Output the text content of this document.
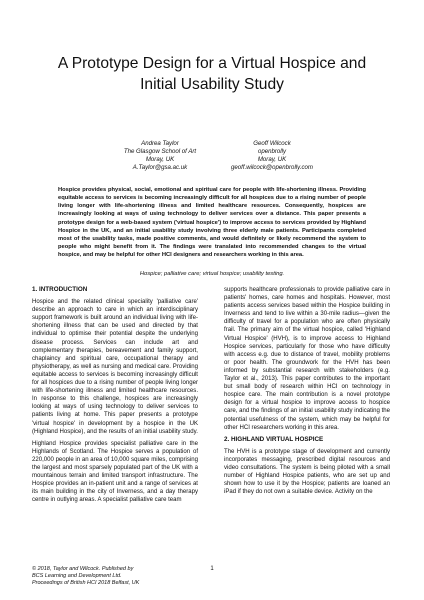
A Prototype Design for a Virtual Hospice and Initial Usability Study
Andrea Taylor
The Glasgow School of Art
Moray, UK
A.Taylor@gsa.ac.uk
Geoff Wilcock
openbrolly
Moray, UK
geoff.wilcock@openbrolly.com

Hospice provides physical, social, emotional and spiritual care for people with life-shortening illness. Providing equitable access to services is becoming increasingly difficult for all hospices due to a rising number of people living longer with life-shortening illness and limited healthcare resources. Consequently, hospices are increasingly looking at ways of using technology to deliver services over a distance. This paper presents a prototype design for a web-based system ('virtual hospice') to improve access to services provided by Highland Hospice in the UK, and an initial usability study involving three elderly male patients. Participants completed most of the usability tasks, made positive comments, and would definitely or likely recommend the system to people who might benefit from it. The findings were translated into recommended changes to the virtual hospice, and may be helpful for other HCI designers and researchers working in this area.

Hospice; palliative care; virtual hospice; usability testing.

1. INTRODUCTION

Hospice and the related clinical speciality 'palliative care' describe an approach to care in which an interdisciplinary support framework is built around an individual living with life-shortening illness that can be used and directed by that individual to optimise their potential despite the underlying disease process. Services can include art and complementary therapies, bereavement and family support, chaplaincy and spiritual care, occupational therapy and physiotherapy, as well as nursing and medical care. Providing equitable access to services is becoming increasingly difficult for all hospices due to a rising number of people living longer with life-shortening illness and limited healthcare resources. In response to this challenge, hospices are increasingly looking at ways of using technology to deliver services to patients living at home. This paper presents a prototype 'virtual hospice' in development by a hospice in the UK (Highland Hospice), and the results of an initial usability study.

Highland Hospice provides specialist palliative care in the Highlands of Scotland. The Hospice serves a population of 220,000 people in an area of 10,000 square miles, comprising the largest and most sparsely populated part of the UK with a mountainous terrain and limited transport infrastructure. The Hospice provides an in-patient unit and a range of services at its main building in the city of Inverness, and a day therapy centre in outlying areas. A specialist palliative care team

supports healthcare professionals to provide palliative care in patients' homes, care homes and hospitals. However, most patients access services based within the Hospice building in Inverness and tend to live within a 30-mile radius—given the difficulty of travel for a population who are often physically frail. The primary aim of the virtual hospice, called 'Highland Virtual Hospice' (HVH), is to improve access to Highland Hospice services, particularly for those who have difficulty with access e.g. due to distance of travel, mobility problems or poor health. The groundwork for the HVH has been informed by substantial research with stakeholders (e.g. Taylor et al., 2013). This paper contributes to the important but small body of research within HCI on technology in hospice care. The main contribution is a novel prototype design for a virtual hospice to improve access to hospice care, and the findings of an initial usability study indicating the potential usefulness of the system, which may be helpful for other HCI researchers working in this area.

2. HIGHLAND VIRTUAL HOSPICE

The HVH is a prototype stage of development and currently incorporates messaging, prescribed digital resources and video consultations. The system is being piloted with a small number of Highland Hospice patients, who are set up and shown how to use it by the Hospice; patients are loaned an iPad if they do not own a suitable device. Activity on the

© 2018, Taylor and Wilcock. Published by
BCS Learning and Development Ltd.
Proceedings of British HCI 2018 Belfast, UK
1
